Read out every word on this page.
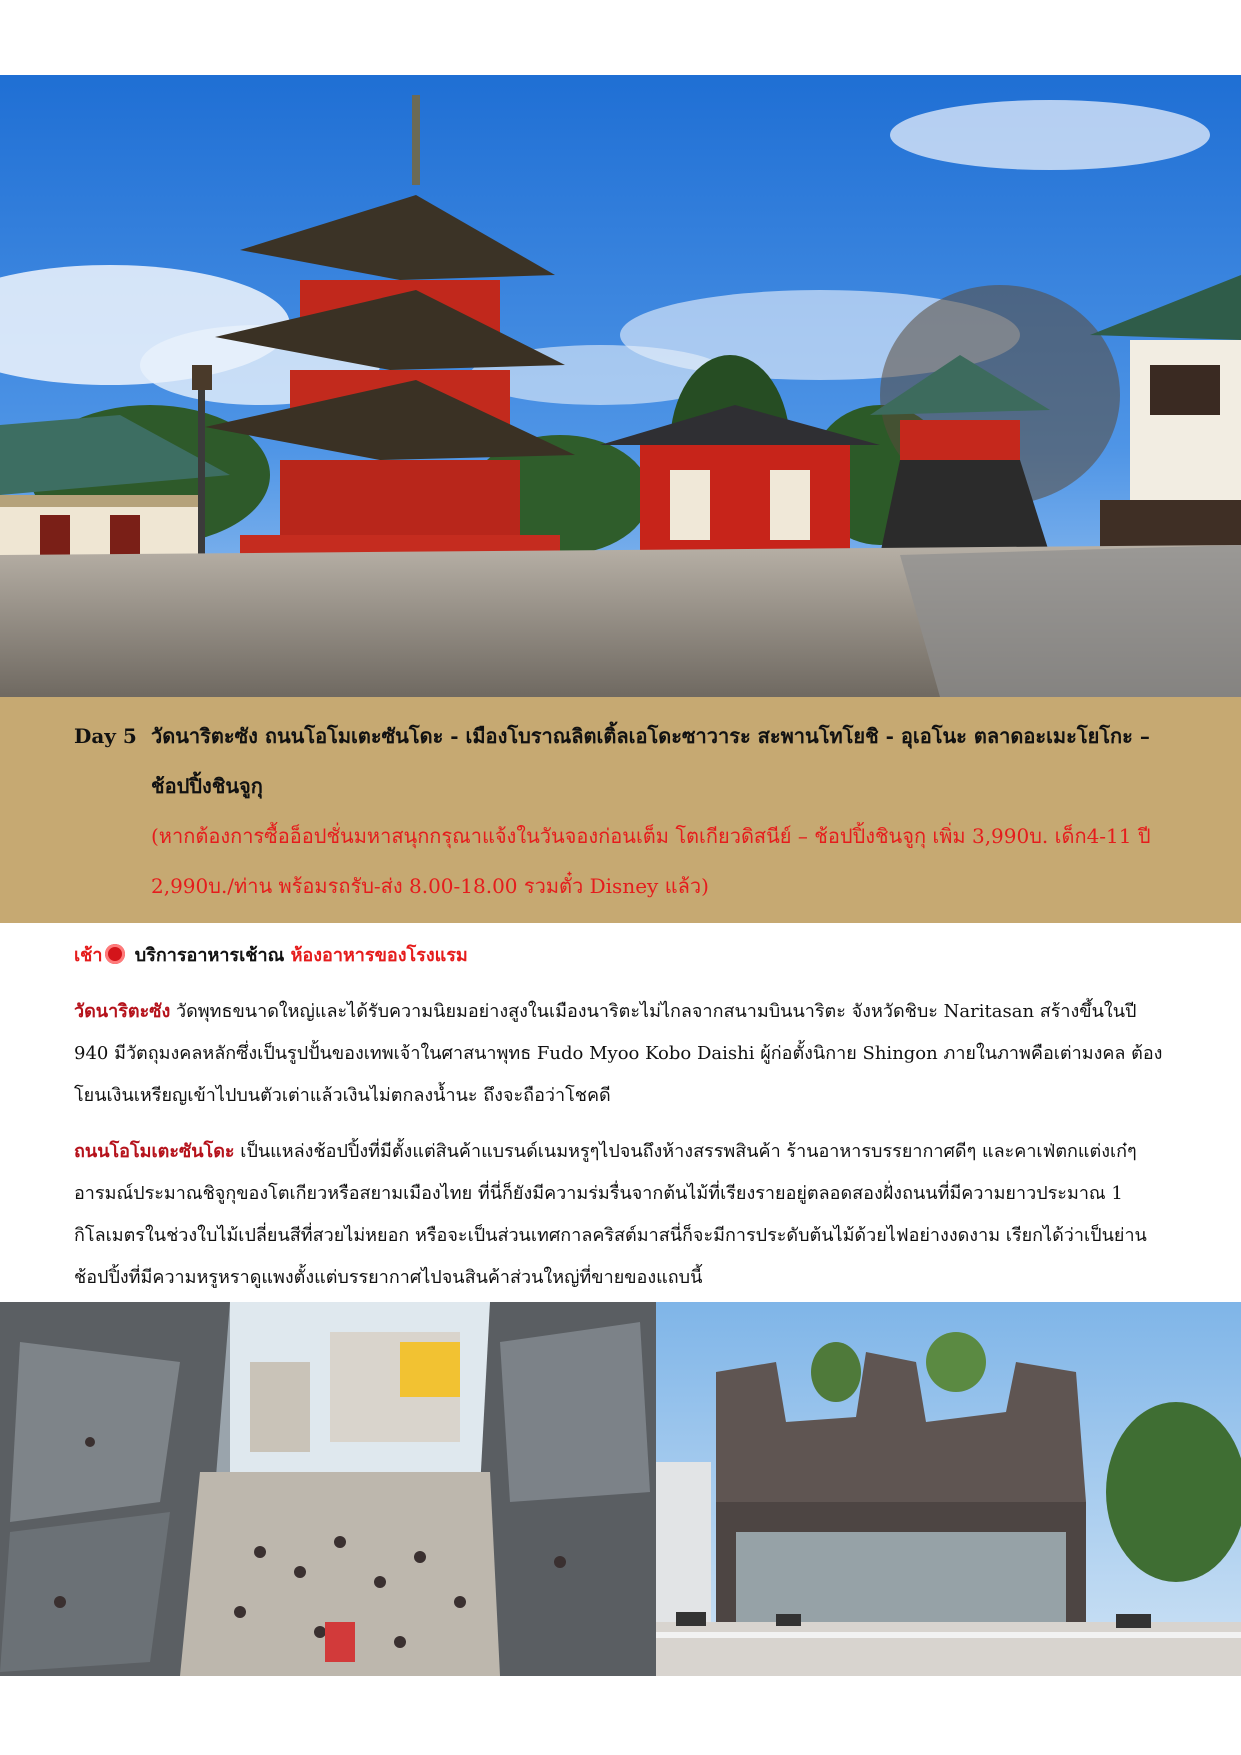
Day 5 วัดนาริตะซัง ถนนโอโมเตะซันโดะ - เมืองโบราณลิตเติ้ลเอโดะซาวาระ สะพานโทโยชิ - อุเอโนะ ตลาดอะเมะโยโกะ – ช้อปปิ้งชินจูกุ
(หากต้องการซื้ออ็อปชั่นมหาสนุกกรุณาแจ้งในวันจองก่อนเต็ม โตเกียวดิสนีย์ – ช้อปปิ้งชินจูกุ เพิ่ม 3,990บ. เด็ก4-11 ปี 2,990บ./ท่าน พร้อมรถรับ-ส่ง 8.00-18.00 รวมตั๋ว Disney แล้ว)
เช้า บริการอาหารเช้าณ ห้องอาหารของโรงแรม
วัดนาริตะซัง วัดพุทธขนาดใหญ่และได้รับความนิยมอย่างสูงในเมืองนาริตะไม่ไกลจากสนามบินนาริตะ จังหวัดชิบะ Naritasan สร้างขึ้นในปี 940 มีวัตถุมงคลหลักซึ่งเป็นรูปปั้นของเทพเจ้าในศาสนาพุทธ Fudo Myoo Kobo Daishi ผู้ก่อตั้งนิกาย Shingon ภายในภาพคือเต่ามงคล ต้องโยนเงินเหรียญเข้าไปบนตัวเต่าแล้วเงินไม่ตกลงน้ำนะ ถึงจะถือว่าโชคดี
ถนนโอโมเตะซันโดะ เป็นแหล่งช้อปปิ้งที่มีตั้งแต่สินค้าแบรนด์เนมหรูๆไปจนถึงห้างสรรพสินค้า ร้านอาหารบรรยากาศดีๆ และคาเฟ่ตกแต่งเก๋ๆ อารมณ์ประมาณชิจูกุของโตเกียวหรือสยามเมืองไทย ที่นี่ก็ยังมีความร่มรื่นจากต้นไม้ที่เรียงรายอยู่ตลอดสองฝั่งถนนที่มีความยาวประมาณ 1 กิโลเมตรในช่วงใบไม้เปลี่ยนสีที่สวยไม่หยอก หรือจะเป็นส่วนเทศกาลคริสต์มาสนี่ก็จะมีการประดับต้นไม้ด้วยไฟอย่างงดงาม เรียกได้ว่าเป็นย่านช้อปปิ้งที่มีความหรูหราดูแพงตั้งแต่บรรยากาศไปจนสินค้าส่วนใหญ่ที่ขายของแถบนี้
